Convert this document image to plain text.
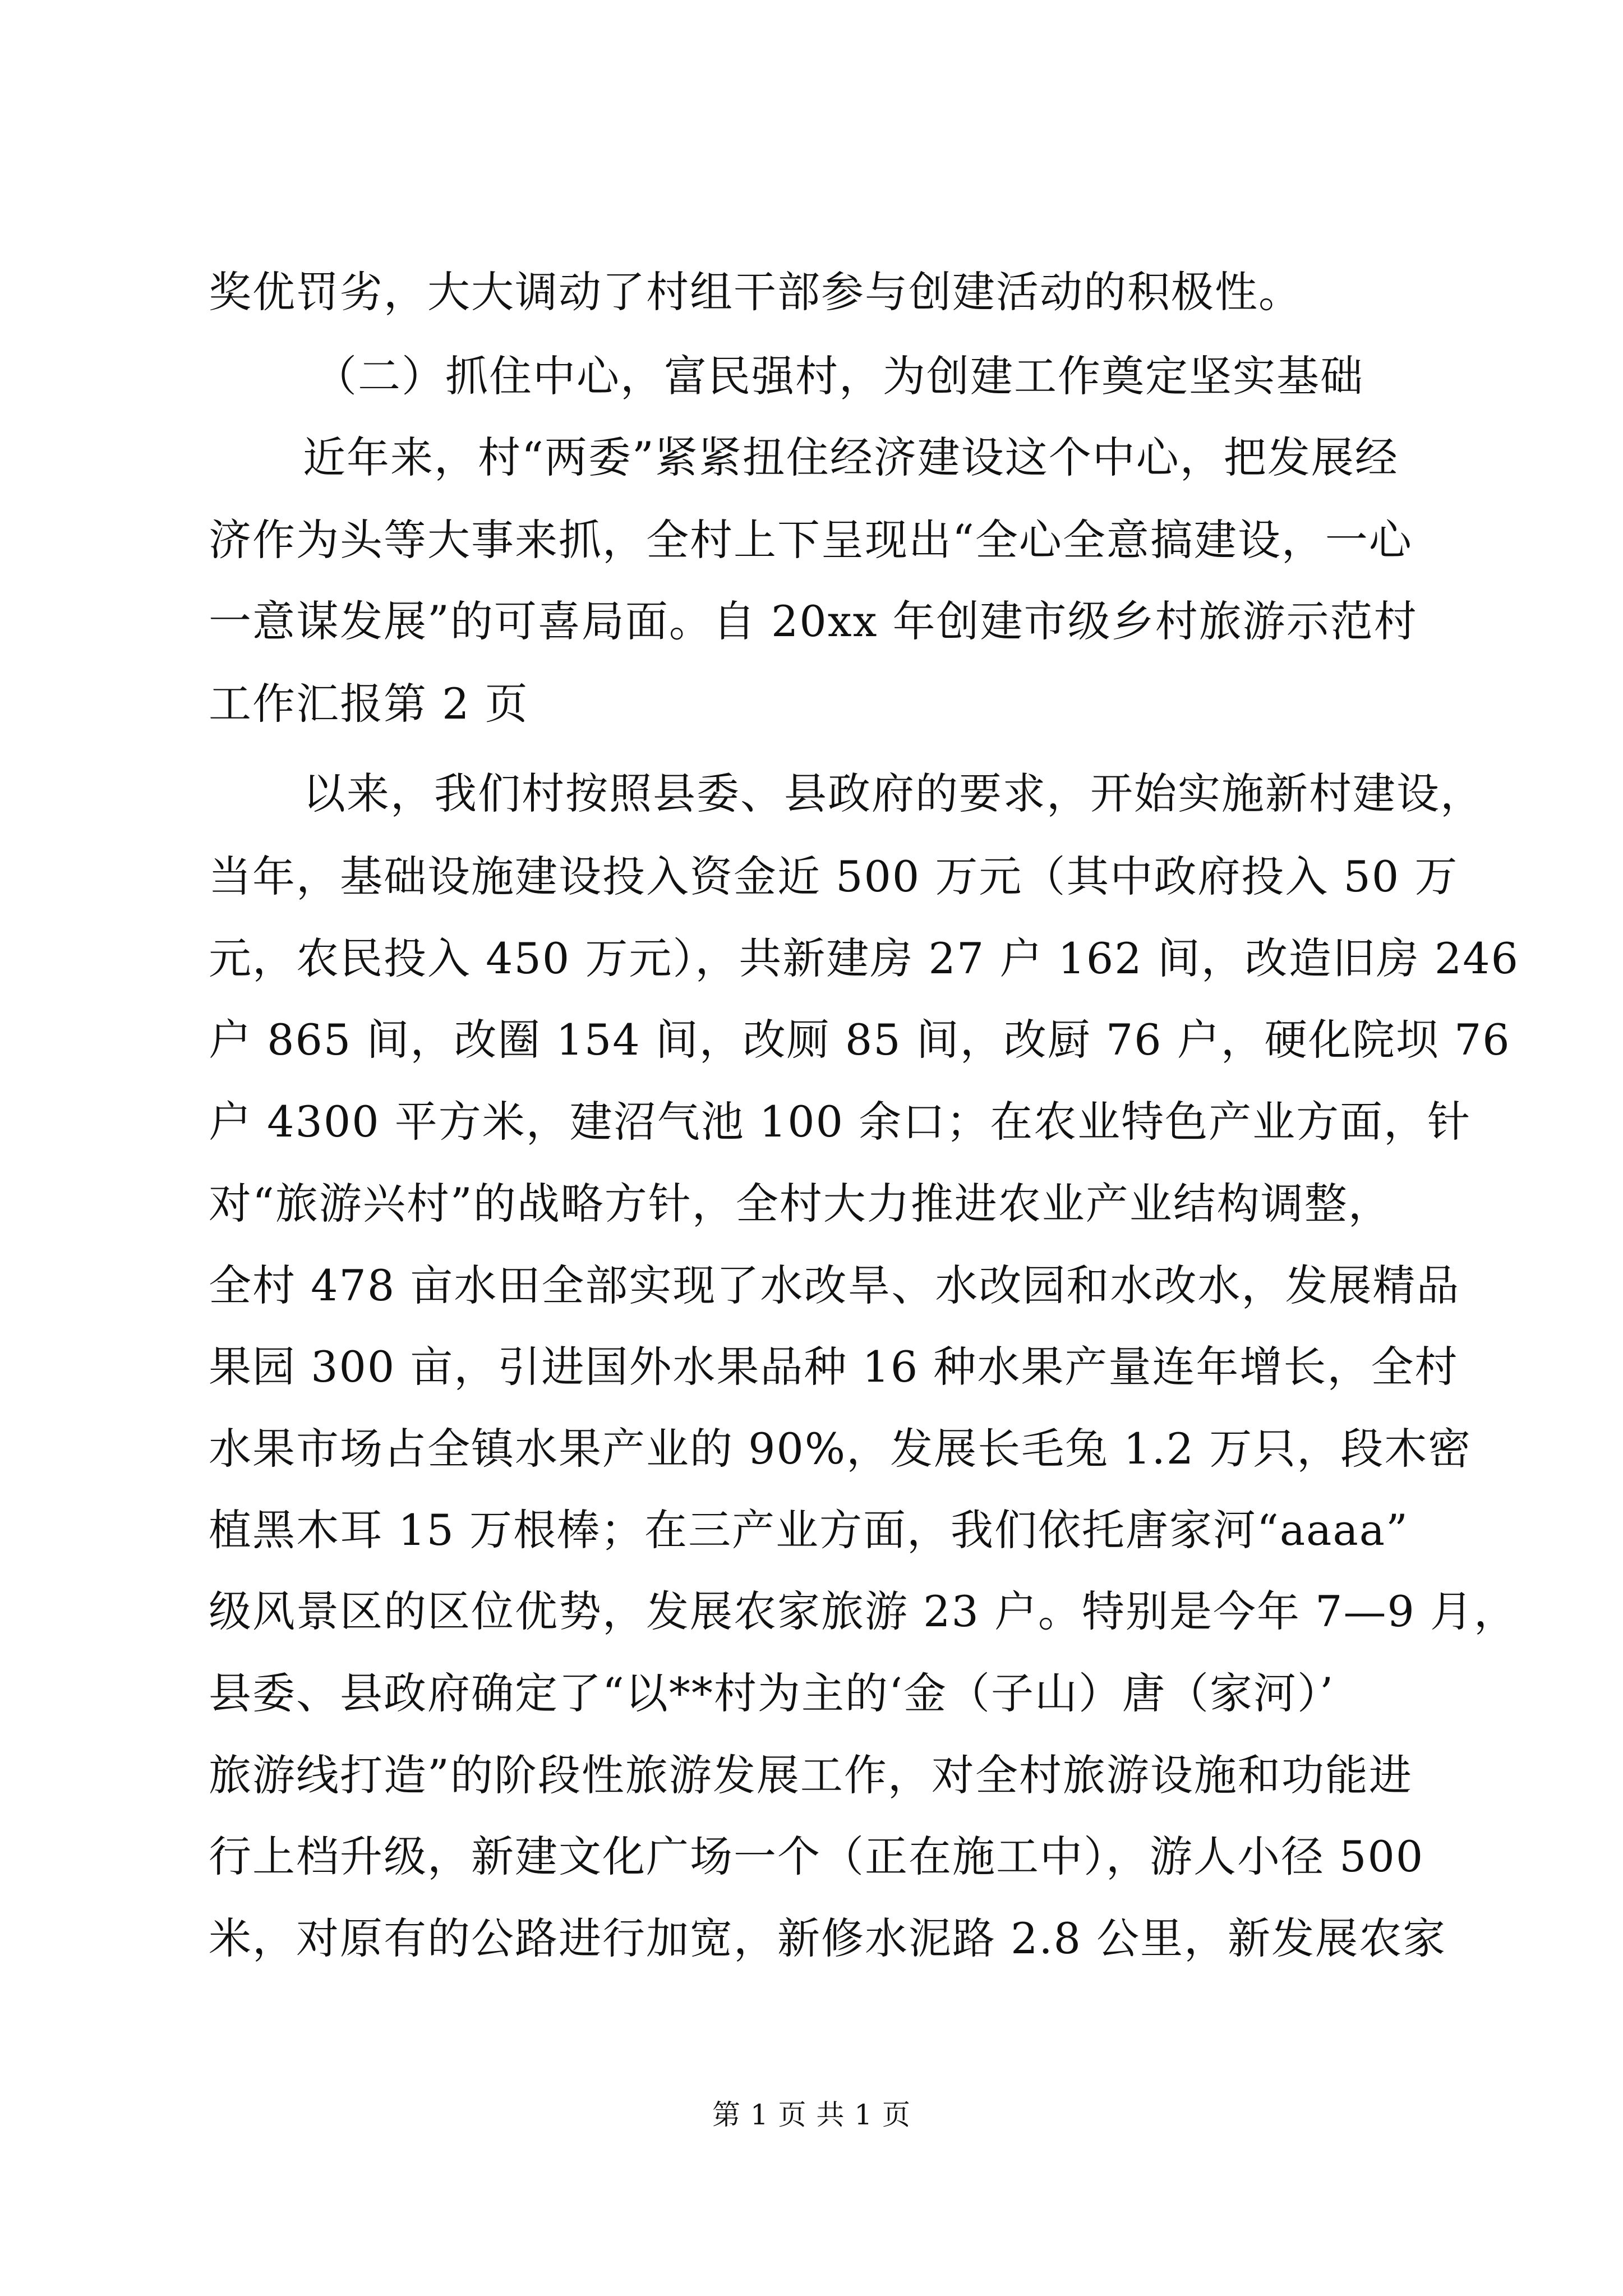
奖优罚劣，大大调动了村组干部参与创建活动的积极性。
（二）抓住中心，富民强村，为创建工作奠定坚实基础
近年来，村“两委”紧紧扭住经济建设这个中心，把发展经
济作为头等大事来抓，全村上下呈现出“全心全意搞建设，一心
一意谋发展”的可喜局面。自 20xx 年创建市级乡村旅游示范村
工作汇报第 2 页
以来，我们村按照县委、县政府的要求，开始实施新村建设，
当年，基础设施建设投入资金近 500 万元（其中政府投入 50 万
元，农民投入 450 万元），共新建房 27 户 162 间，改造旧房 246
户 865 间，改圈 154 间，改厕 85 间，改厨 76 户，硬化院坝 76
户 4300 平方米，建沼气池 100 余口；在农业特色产业方面，针
对“旅游兴村”的战略方针，全村大力推进农业产业结构调整，
全村 478 亩水田全部实现了水改旱、水改园和水改水，发展精品
果园 300 亩，引进国外水果品种 16 种水果产量连年增长，全村
水果市场占全镇水果产业的 90%，发展长毛兔 1.2 万只，段木密
植黑木耳 15 万根棒；在三产业方面，我们依托唐家河“aaaa”
级风景区的区位优势，发展农家旅游 23 户。特别是今年 7—9 月，
县委、县政府确定了“以**村为主的‘金（子山）唐（家河）’
旅游线打造”的阶段性旅游发展工作，对全村旅游设施和功能进
行上档升级，新建文化广场一个（正在施工中），游人小径 500
米，对原有的公路进行加宽，新修水泥路 2.8 公里，新发展农家
第 1 页 共 1 页
